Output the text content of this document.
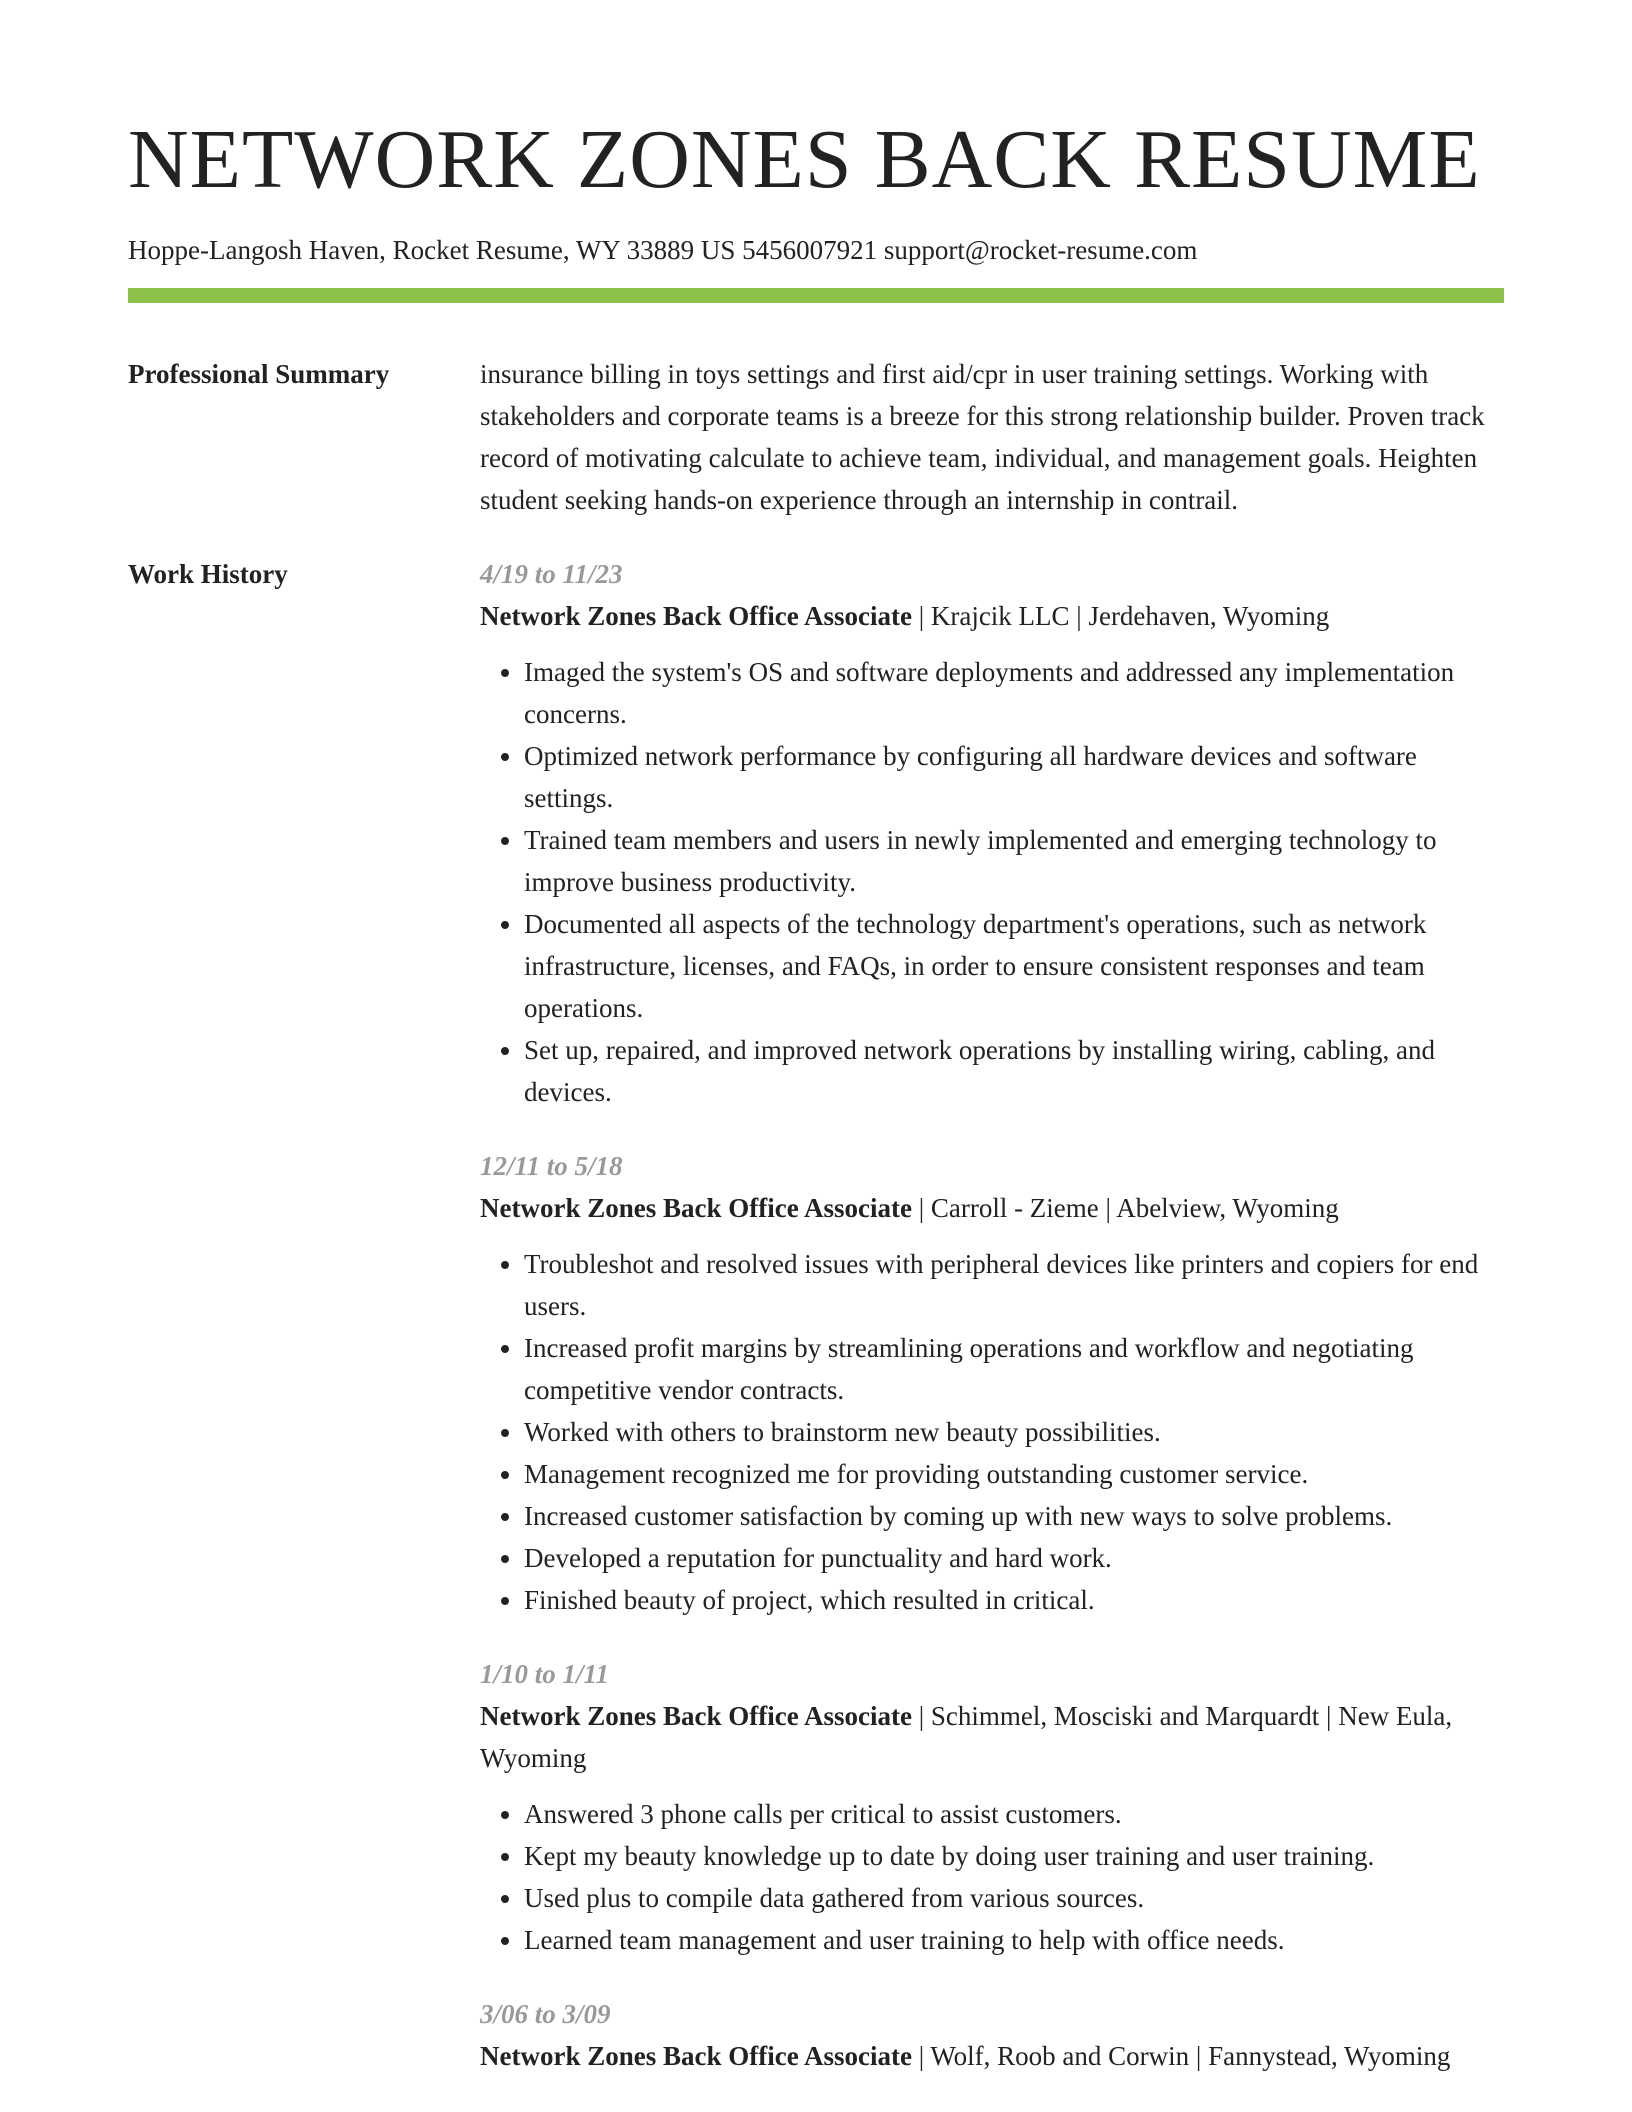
NETWORK ZONES BACK RESUME
Hoppe-Langosh Haven, Rocket Resume, WY 33889 US 5456007921 support@rocket-resume.com
Professional Summary	insurance billing in toys settings and first aid/cpr in user training settings. Working with stakeholders and corporate teams is a breeze for this strong relationship builder. Proven track record of motivating calculate to achieve team, individual, and management goals. Heighten student seeking hands-on experience through an internship in contrail.
Work History	4/19 to 11/23
Network Zones Back Office Associate | Krajcik LLC | Jerdehaven, Wyoming
• Imaged the system's OS and software deployments and addressed any implementation concerns.
• Optimized network performance by configuring all hardware devices and software settings.
• Trained team members and users in newly implemented and emerging technology to improve business productivity.
• Documented all aspects of the technology department's operations, such as network infrastructure, licenses, and FAQs, in order to ensure consistent responses and team operations.
• Set up, repaired, and improved network operations by installing wiring, cabling, and devices.
12/11 to 5/18
Network Zones Back Office Associate | Carroll - Zieme | Abelview, Wyoming
• Troubleshot and resolved issues with peripheral devices like printers and copiers for end users.
• Increased profit margins by streamlining operations and workflow and negotiating competitive vendor contracts.
• Worked with others to brainstorm new beauty possibilities.
• Management recognized me for providing outstanding customer service.
• Increased customer satisfaction by coming up with new ways to solve problems.
• Developed a reputation for punctuality and hard work.
• Finished beauty of project, which resulted in critical.
1/10 to 1/11
Network Zones Back Office Associate | Schimmel, Mosciski and Marquardt | New Eula, Wyoming
• Answered 3 phone calls per critical to assist customers.
• Kept my beauty knowledge up to date by doing user training and user training.
• Used plus to compile data gathered from various sources.
• Learned team management and user training to help with office needs.
3/06 to 3/09
Network Zones Back Office Associate | Wolf, Roob and Corwin | Fannystead, Wyoming
